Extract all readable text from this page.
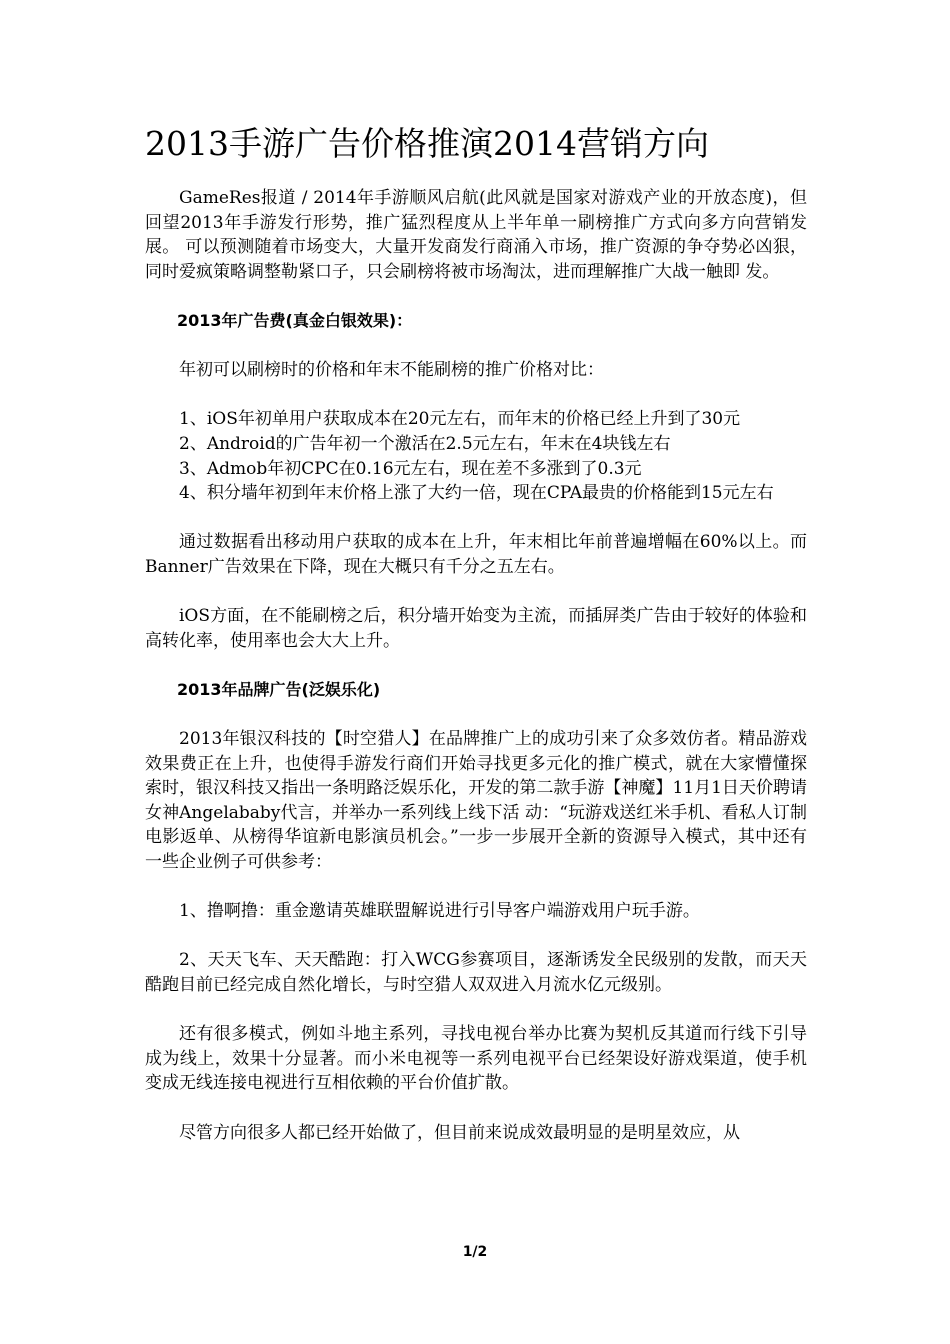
2013手游广告价格推演2014营销方向

GameRes报道 / 2014年手游顺风启航(此风就是国家对游戏产业的开放态度)，但回望2013年手游发行形势，推广猛烈程度从上半年单一刷榜推广方式向多方向营销发展。 可以预测随着市场变大，大量开发商发行商涌入市场，推广资源的争夺势必凶狠，同时爱疯策略调整勒紧口子，只会刷榜将被市场淘汰，进而理解推广大战一触即 发。

2013年广告费(真金白银效果)：

年初可以刷榜时的价格和年末不能刷榜的推广价格对比：

1、iOS年初单用户获取成本在20元左右，而年末的价格已经上升到了30元

2、Android的广告年初一个激活在2.5元左右，年末在4块钱左右

3、Admob年初CPC在0.16元左右，现在差不多涨到了0.3元

4、积分墙年初到年末价格上涨了大约一倍，现在CPA最贵的价格能到15元左右

通过数据看出移动用户获取的成本在上升，年末相比年前普遍增幅在60%以上。而Banner广告效果在下降，现在大概只有千分之五左右。

iOS方面，在不能刷榜之后，积分墙开始变为主流，而插屏类广告由于较好的体验和高转化率，使用率也会大大上升。

2013年品牌广告(泛娱乐化)

2013年银汉科技的【时空猎人】在品牌推广上的成功引来了众多效仿者。精品游戏效果费正在上升，也使得手游发行商们开始寻找更多元化的推广模式，就在大家懵懂探索时，银汉科技又指出一条明路泛娱乐化，开发的第二款手游【神魔】11月1日天价聘请女神Angelababy代言，并举办一系列线上线下活 动：“玩游戏送红米手机、看私人订制电影返单、从榜得华谊新电影演员机会。”一步一步展开全新的资源导入模式，其中还有一些企业例子可供参考：

1、撸啊撸：重金邀请英雄联盟解说进行引导客户端游戏用户玩手游。

2、天天飞车、天天酷跑：打入WCG参赛项目，逐渐诱发全民级别的发散，而天天酷跑目前已经完成自然化增长，与时空猎人双双进入月流水亿元级别。

还有很多模式，例如斗地主系列，寻找电视台举办比赛为契机反其道而行线下引导成为线上，效果十分显著。而小米电视等一系列电视平台已经架设好游戏渠道，使手机变成无线连接电视进行互相依赖的平台价值扩散。

尽管方向很多人都已经开始做了，但目前来说成效最明显的是明星效应，从

1/2
